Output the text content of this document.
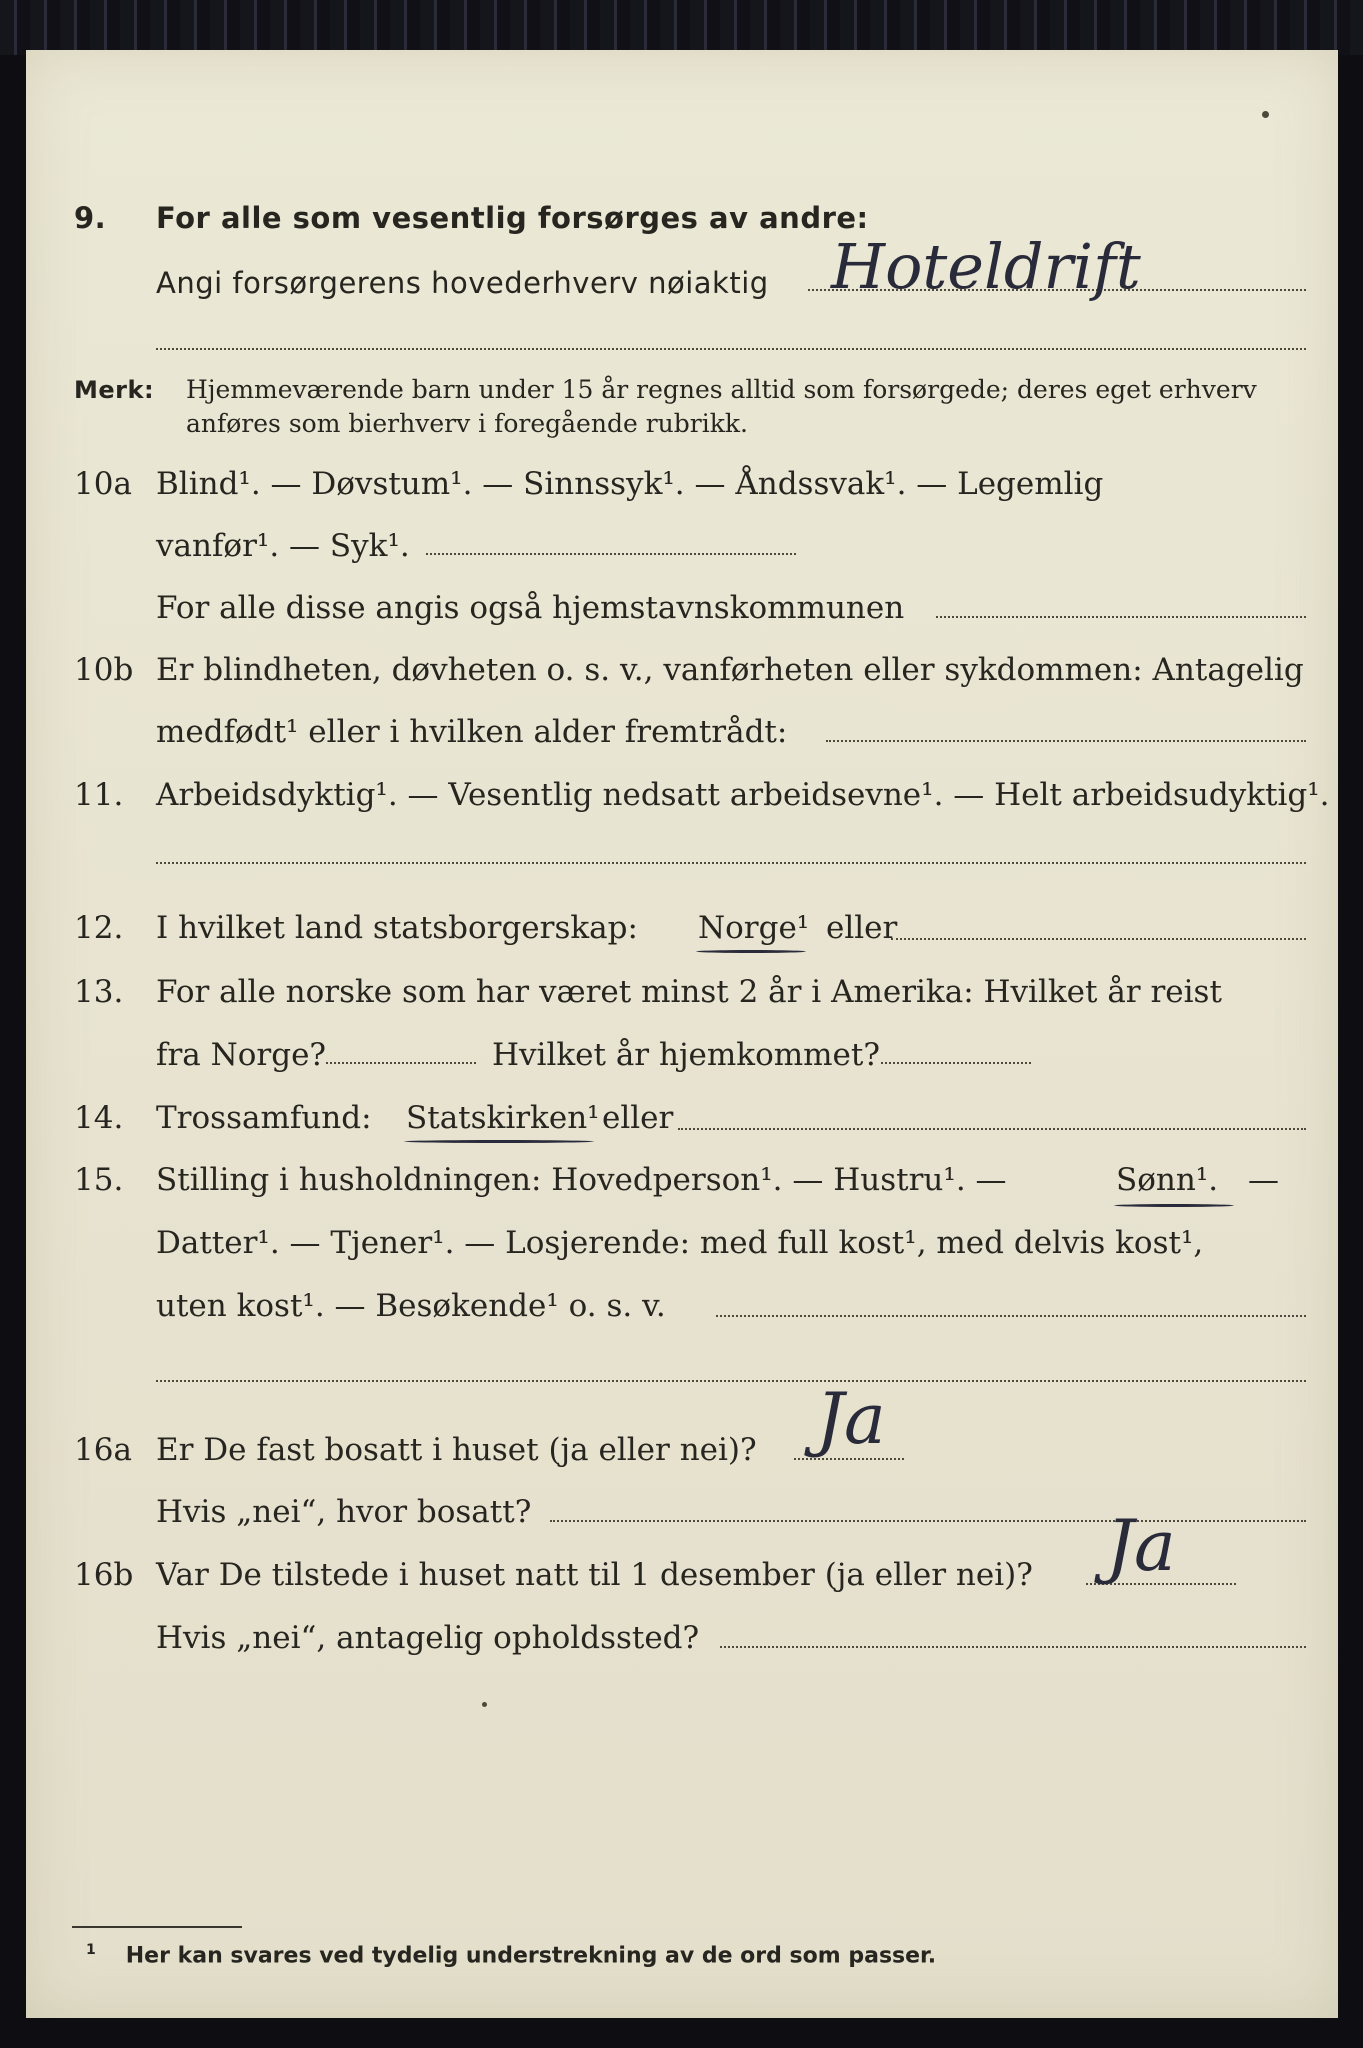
9. For alle som vesentlig forsørges av andre:
Angi forsørgerens hovederhverv nøiaktig Hoteldrift
Merk: Hjemmeværende barn under 15 år regnes alltid som forsørgede; deres eget erhverv
anføres som bierhverv i foregående rubrikk.
10a Blind¹. — Døvstum¹. — Sinnssyk¹. — Åndssvak¹. — Legemlig
vanfør¹. — Syk¹.
For alle disse angis også hjemstavnskommunen
10b Er blindheten, døvheten o. s. v., vanførheten eller sykdommen: Antagelig
medfødt¹ eller i hvilken alder fremtrådt:
11. Arbeidsdyktig¹. — Vesentlig nedsatt arbeidsevne¹. — Helt arbeidsudyktig¹.
12. I hvilket land statsborgerskap: Norge¹ eller
13. For alle norske som har været minst 2 år i Amerika: Hvilket år reist
fra Norge?	Hvilket år hjemkommet?
14. Trossamfund: Statskirken¹ eller
15. Stilling i husholdningen: Hovedperson¹. — Hustru¹. —	Sønn¹. —
Datter¹. — Tjener¹. — Losjerende: med full kost¹, med delvis kost¹,
uten kost¹. — Besøkende¹ o. s. v.
16a Er De fast bosatt i huset (ja eller nei)? Ja
Hvis „nei“, hvor bosatt?
16b Var De tilstede i huset natt til 1 desember (ja eller nei)? Ja
Hvis „nei“, antagelig opholdssted?
$^1$ Her kan svares ved tydelig understrekning av de ord som passer.
